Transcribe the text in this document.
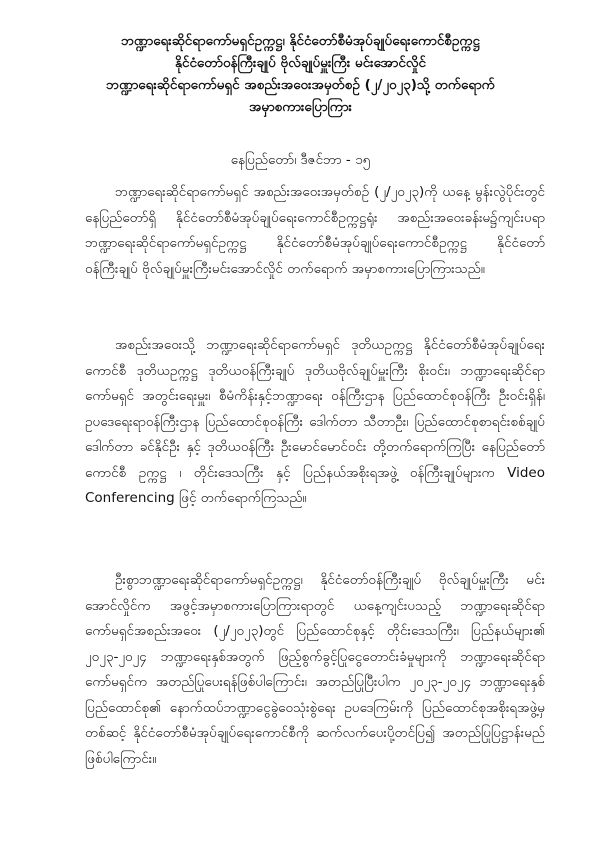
ဘဏ္ဍာရေးဆိုင်ရာကော်မရှင်ဥက္ကဋ္ဌ၊ နိုင်ငံတော်စီမံအုပ်ချုပ်ရေးကောင်စီဥက္ကဋ္ဌ
နိုင်ငံတော်ဝန်ကြီးချုပ် ဗိုလ်ချုပ်မှူးကြီး မင်းအောင်လှိုင်
ဘဏ္ဍာရေးဆိုင်ရာကော်မရှင် အစည်းအဝေးအမှတ်စဉ် (၂/၂၀၂၃)သို့ တက်ရောက်
အမှာစကားပြောကြား
နေပြည်တော်၊ ဒီဇင်ဘာ - ၁၅
ဘဏ္ဍာရေးဆိုင်ရာကော်မရှင် အစည်းအဝေးအမှတ်စဉ် (၂/၂၀၂၃)ကို ယနေ့ မွန်းလွဲပိုင်းတွင် နေပြည်တော်ရှိ နိုင်ငံတော်စီမံအုပ်ချုပ်ရေးကောင်စီဥက္ကဋ္ဌရုံး အစည်းအဝေးခန်းမ၌ကျင်းပရာ ဘဏ္ဍာရေးဆိုင်ရာကော်မရှင်ဥက္ကဋ္ဌ နိုင်ငံတော်စီမံအုပ်ချုပ်ရေးကောင်စီဥက္ကဋ္ဌ နိုင်ငံတော်ဝန်ကြီးချုပ် ဗိုလ်ချုပ်မှူးကြီးမင်းအောင်လှိုင် တက်ရောက် အမှာစကားပြောကြားသည်။
အစည်းအဝေးသို့ ဘဏ္ဍာရေးဆိုင်ရာကော်မရှင် ဒုတိယဥက္ကဋ္ဌ နိုင်ငံတော်စီမံအုပ်ချုပ်ရေးကောင်စီ ဒုတိယဥက္ကဋ္ဌ ဒုတိယဝန်ကြီးချုပ် ဒုတိယဗိုလ်ချုပ်မှူးကြီး စိုးဝင်း၊ ဘဏ္ဍာရေးဆိုင်ရာကော်မရှင် အတွင်းရေးမှူး၊ စီမံကိန်းနှင့်ဘဏ္ဍာရေး ဝန်ကြီးဌာန ပြည်ထောင်စုဝန်ကြီး ဦးဝင်းရှိန်၊ ဥပဒေရေးရာဝန်ကြီးဌာန ပြည်ထောင်စုဝန်ကြီး ဒေါက်တာ သီတာဦး၊ ပြည်ထောင်စုစာရင်းစစ်ချုပ် ဒေါက်တာ ခင်နိုင်ဦး နှင့် ဒုတိယဝန်ကြီး ဦးမောင်မောင်ဝင်း တို့တက်ရောက်ကြပြီး နေပြည်တော်ကောင်စီ ဥက္ကဋ္ဌ ၊ တိုင်းဒေသကြီး နှင့် ပြည်နယ်အစိုးရအဖွဲ့ ဝန်ကြီးချုပ်များက Video Conferencing ဖြင့် တက်ရောက်ကြသည်။
ဦးစွာဘဏ္ဍာရေးဆိုင်ရာကော်မရှင်ဥက္ကဋ္ဌ၊ နိုင်ငံတော်ဝန်ကြီးချုပ် ဗိုလ်ချုပ်မှူးကြီး မင်းအောင်လှိုင်က အဖွင့်အမှာစကားပြောကြားရာတွင် ယနေ့ကျင်းပသည့် ဘဏ္ဍာရေးဆိုင်ရာကော်မရှင်အစည်းအဝေး (၂/၂၀၂၃)တွင် ပြည်ထောင်စုနှင့် တိုင်းဒေသကြီး၊ ပြည်နယ်များ၏ ၂၀၂၃-၂၀၂၄ ဘဏ္ဍာရေးနှစ်အတွက် ဖြည့်စွက်ခွင့်ပြုငွေတောင်းခံမှုများကို ဘဏ္ဍာရေးဆိုင်ရာကော်မရှင်က အတည်ပြုပေးရန်ဖြစ်ပါကြောင်း၊ အတည်ပြုပြီးပါက ၂၀၂၃-၂၀၂၄ ဘဏ္ဍာရေးနှစ်ပြည်ထောင်စု၏ နောက်ထပ်ဘဏ္ဍာငွေခွဲဝေသုံးစွဲရေး ဥပဒေကြမ်းကို ပြည်ထောင်စုအစိုးရအဖွဲ့မှ တစ်ဆင့် နိုင်ငံတော်စီမံအုပ်ချုပ်ရေးကောင်စီကို ဆက်လက်ပေးပို့တင်ပြ၍ အတည်ပြုပြဋ္ဌာန်းမည် ဖြစ်ပါကြောင်း။
